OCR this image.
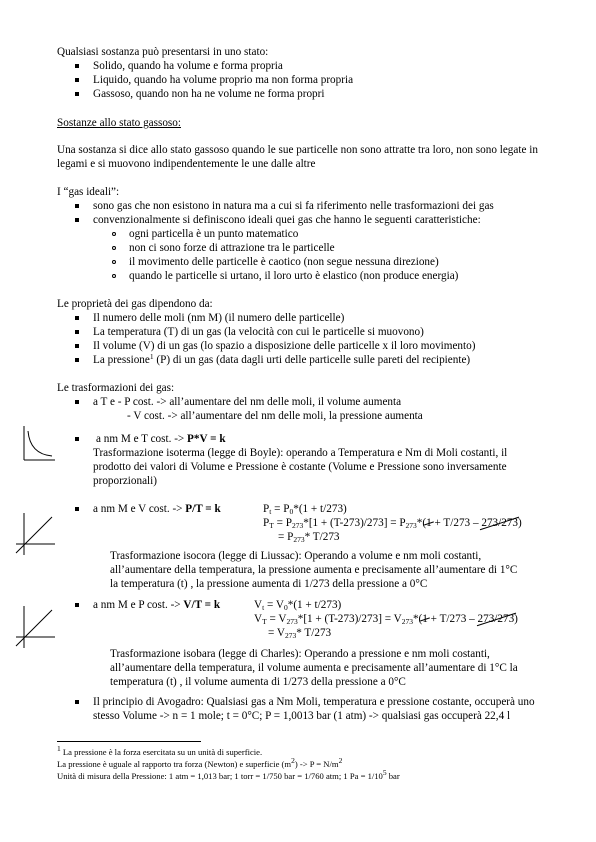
Qualsiasi sostanza può presentarsi in uno stato:
Solido, quando ha volume e forma propria
Liquido, quando ha volume proprio ma non forma propria
Gassoso, quando non ha ne volume ne forma propri
Sostanze allo stato gassoso:
Una sostanza si dice allo stato gassoso quando le sue particelle non sono attratte tra loro, non sono legate in
legami e si muovono indipendentemente le une dalle altre
I “gas ideali”:
sono gas che non esistono in natura ma a cui si fa riferimento nelle trasformazioni dei gas
convenzionalmente si definiscono ideali quei gas che hanno le seguenti caratteristiche:
ogni particella è un punto matematico
non ci sono forze di attrazione tra le particelle
il movimento delle particelle è caotico (non segue nessuna direzione)
quando le particelle si urtano, il loro urto è elastico (non produce energia)
Le proprietà dei gas dipendono da:
Il numero delle moli (nm M) (il numero delle particelle)
La temperatura (T) di un gas (la velocità con cui le particelle si muovono)
Il volume (V) di un gas (lo spazio a disposizione delle particelle x il loro movimento)
La pressione$^1$ (P) di un gas (data dagli urti delle particelle sulle pareti del recipiente)
Le trasformazioni dei gas:
a T e - P cost. -> all’aumentare del nm delle moli, il volume aumenta
- V cost. -> all’aumentare del nm delle moli, la pressione aumenta
a nm M e T cost. -> P*V = k
Trasformazione isoterma (legge di Boyle): operando a Temperatura e Nm di Moli costanti, il
prodotto dei valori di Volume e Pressione è costante (Volume e Pressione sono inversamente
proporzionali)
a nm M e V cost. -> P/T = k	$P_t = P_0*(1 + t/273)$
$P_T = P_{273}*[1 + (T-273)/273] = P_{273}*(1 + T/273 - 273/273)$
= $P_{273}*$ T/273
Trasformazione isocora (legge di Liussac): Operando a volume e nm moli costanti,
all’aumentare della temperatura, la pressione aumenta e precisamente all’aumentare di 1°C
la temperatura (t) , la pressione aumenta di 1/273 della pressione a 0°C
a nm M e P cost. -> V/T = k	$V_t = V_0*(1 + t/273)$
$V_T = V_{273}*[1 + (T-273)/273] = V_{273}*(1 + T/273 - 273/273)$
= $V_{273}*$ T/273
Trasformazione isobara (legge di Charles): Operando a pressione e nm moli costanti,
all’aumentare della temperatura, il volume aumenta e precisamente all’aumentare di 1°C la
temperatura (t) , il volume aumenta di 1/273 della pressione a 0°C
Il principio di Avogadro: Qualsiasi gas a Nm Moli, temperatura e pressione costante, occuperà uno
stesso Volume -> n = 1 mole; t = 0°C; P = 1,0013 bar (1 atm) -> qualsiasi gas occuperà 22,4 l
$^1$ La pressione è la forza esercitata su un unità di superficie.
La pressione è uguale al rapporto tra forza (Newton) e superficie $(m^2) -> P = N/m^2$
Unità di misura della Pressione: 1 atm = 1,013 bar; 1 torr = 1/750 bar = 1/760 atm; 1 $Pa = 1/10^5$ bar
